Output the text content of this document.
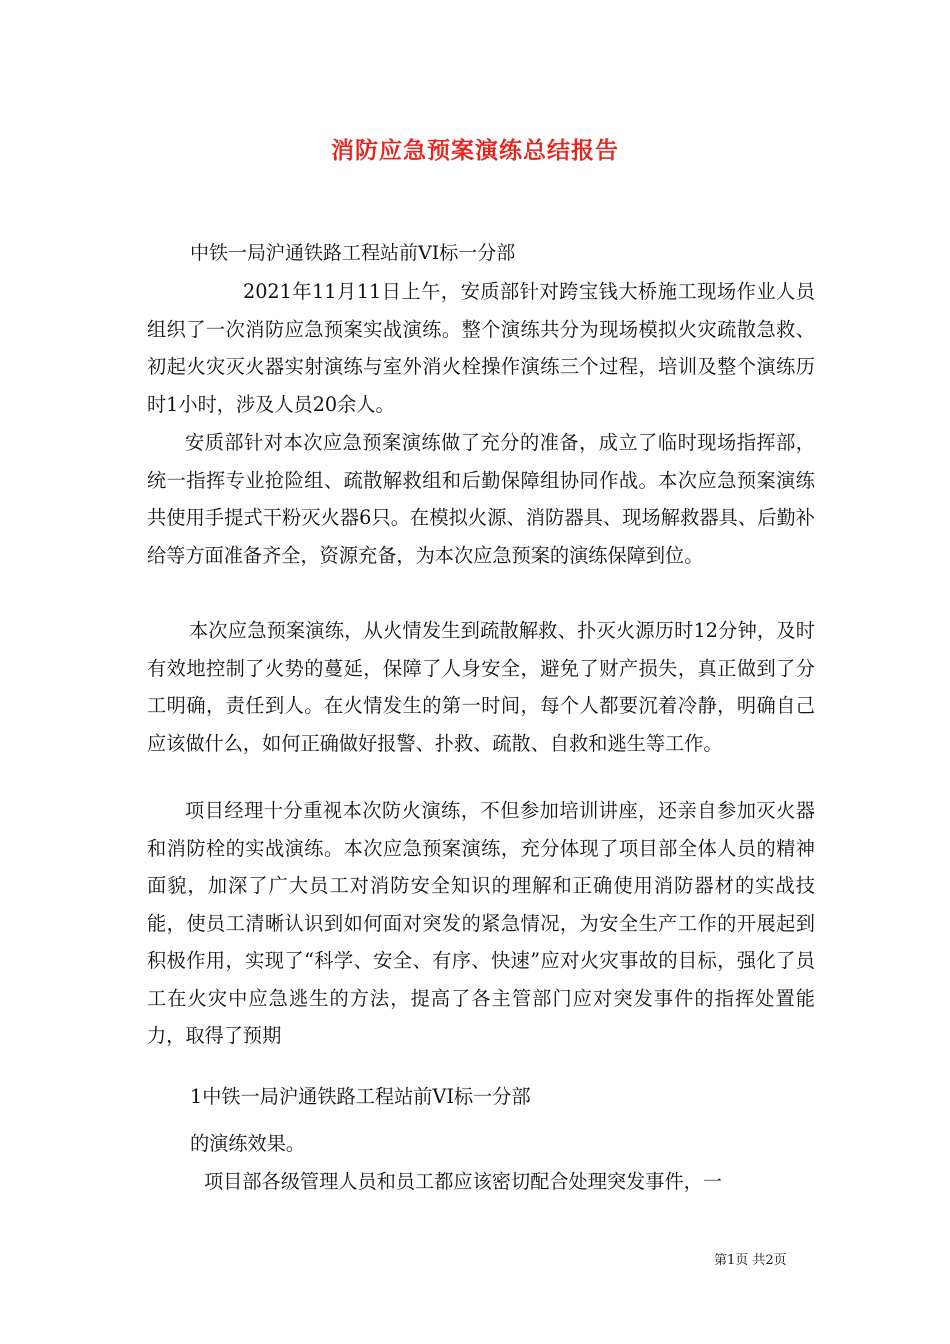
消防应急预案演练总结报告
中铁一局沪通铁路工程站前VI标一分部
2021年11月11日上午，安质部针对跨宝钱大桥施工现场作业人员组织了一次消防应急预案实战演练。整个演练共分为现场模拟火灾疏散急救、初起火灾灭火器实射演练与室外消火栓操作演练三个过程，培训及整个演练历时1小时，涉及人员20余人。
安质部针对本次应急预案演练做了充分的准备，成立了临时现场指挥部，统一指挥专业抢险组、疏散解救组和后勤保障组协同作战。本次应急预案演练共使用手提式干粉灭火器6只。在模拟火源、消防器具、现场解救器具、后勤补给等方面准备齐全，资源充备，为本次应急预案的演练保障到位。
本次应急预案演练，从火情发生到疏散解救、扑灭火源历时12分钟，及时有效地控制了火势的蔓延，保障了人身安全，避免了财产损失，真正做到了分工明确，责任到人。在火情发生的第一时间，每个人都要沉着冷静，明确自己应该做什么，如何正确做好报警、扑救、疏散、自救和逃生等工作。
项目经理十分重视本次防火演练，不但参加培训讲座，还亲自参加灭火器和消防栓的实战演练。本次应急预案演练，充分体现了项目部全体人员的精神面貌，加深了广大员工对消防安全知识的理解和正确使用消防器材的实战技能，使员工清晰认识到如何面对突发的紧急情况，为安全生产工作的开展起到积极作用，实现了“科学、安全、有序、快速”应对火灾事故的目标，强化了员工在火灾中应急逃生的方法，提高了各主管部门应对突发事件的指挥处置能力，取得了预期
1中铁一局沪通铁路工程站前VI标一分部
的演练效果。
项目部各级管理人员和员工都应该密切配合处理突发事件，一
第1页 共2页
